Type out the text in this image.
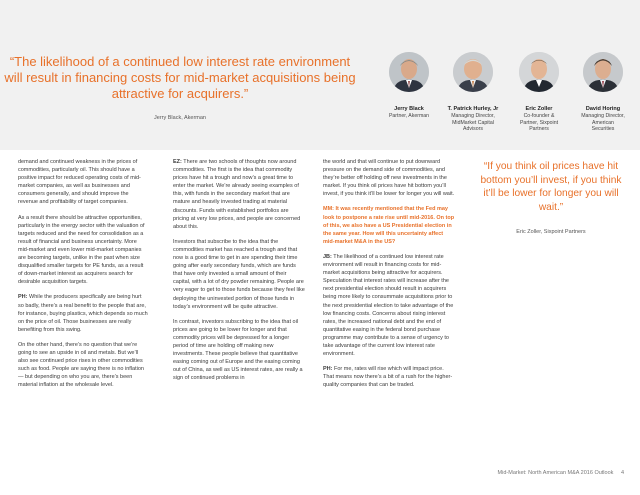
“The likelihood of a continued low interest rate environment will result in financing costs for mid-market acquisitions being attractive for acquirers.”
Jerry Black, Akerman
Jerry Black
Partner, Akerman
T. Patrick Hurley, Jr
Managing Director,
MidMarket Capital
Advisors
Eric Zoller
Co-founder &
Partner, Sixpoint
Partners
David Horing
Managing Director,
American
Securities

demand and continued weakness in the prices of commodities, particularly oil. This should have a positive impact for reduced operating costs of mid-market companies, as well as businesses and consumers generally, and should improve the revenue and profitability of target companies.

As a result there should be attractive opportunities, particularly in the energy sector with the valuation of targets reduced and the need for consolidation as a result of financial and business uncertainty. More mid-market and even lower mid-market companies are becoming targets, unlike in the past when size disqualified smaller targets for PE funds, as a result of down-market interest as acquirers search for desirable acquisition targets.

PH: While the producers specifically are being hurt so badly, there’s a real benefit to the people that are, for instance, buying plastics, which depends so much on the price of oil. Those businesses are really benefiting from this swing.

On the other hand, there’s no question that we’re going to see an upside in oil and metals. But we’ll also see continued price rises in other commodities such as food. People are saying there is no inflation — but depending on who you are, there’s been material inflation at the wholesale level.

EZ: There are two schools of thoughts now around commodities. The first is the idea that commodity prices have hit a trough and now’s a great time to enter the market. We’re already seeing examples of this, with funds in the secondary market that are mature and heavily invested trading at material discounts. Funds with established portfolios are pricing at very low prices, and people are concerned about this.

Investors that subscribe to the idea that the commodities market has reached a trough and that now is a good time to get in are spending their time going after early secondary funds, which are funds that have only invested a small amount of their capital, with a lot of dry powder remaining. People are very eager to get to those funds because they feel like deploying the uninvested portion of those funds in today’s environment will be quite attractive.

In contrast, investors subscribing to the idea that oil prices are going to be lower for longer and that commodity prices will be depressed for a longer period of time are holding off making new investments. These people believe that quantitative easing coming out of Europe and the easing coming out of China, as well as US interest rates, are really a sign of continued problems in

the world and that will continue to put downward pressure on the demand side of commodities, and they’re better off holding off new investments in the market. If you think oil prices have hit bottom you’ll invest, if you think it’ll be lower for longer you will wait.

MM: It was recently mentioned that the Fed may look to postpone a rate rise until mid-2016. On top of this, we also have a US Presidential election in the same year. How will this uncertainty affect mid-market M&A in the US?

JB: The likelihood of a continued low interest rate environment will result in financing costs for mid-market acquisitions being attractive for acquirers. Speculation that interest rates will increase after the next presidential election should result in acquirers being more likely to consummate acquisitions prior to the next presidential election to take advantage of the low financing costs. Concerns about rising interest rates, the increased national debt and the end of quantitative easing in the federal bond purchase programme may contribute to a sense of urgency to take advantage of the current low interest rate environment.

PH: For me, rates will rise which will impact price. That means now there’s a bit of a rush for the higher-quality companies that can be traded.

“If you think oil prices have hit bottom you’ll invest, if you think it’ll be lower for longer you will wait.”
Eric Zoller, Sixpoint Partners
Mid-Market: North American M&A 2016 Outlook 4
